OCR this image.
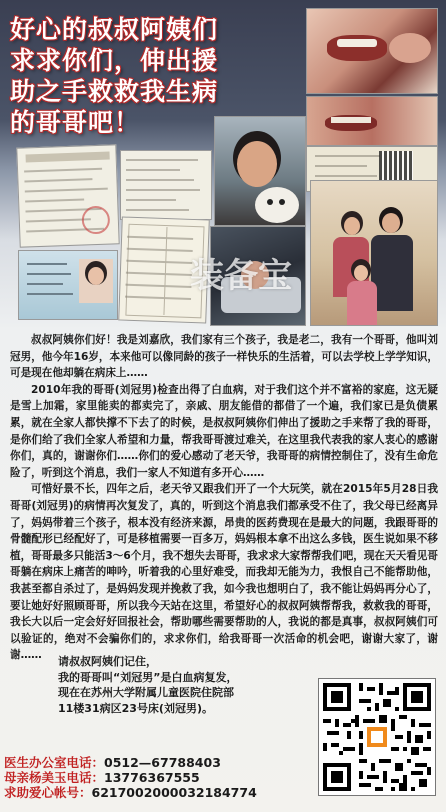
好心的叔叔阿姨们
求求你们，伸出援
助之手救救我生病
的哥哥吧！
装备宝

叔叔阿姨你们好！我是刘嘉欣，我们家有三个孩子，我是老二，我有一个哥哥，他叫刘冠男，他今年16岁，本来他可以像同龄的孩子一样快乐的生活着，可以去学校上学学知识，可是现在他却躺在病床上……

2010年我的哥哥(刘冠男)检查出得了白血病，对于我们这个并不富裕的家庭，这无疑是雪上加霜，家里能卖的都卖完了，亲戚、朋友能借的都借了一个遍，我们家已是负债累累，就在全家人都快撑不下去了的时候，是叔叔阿姨你们伸出了援助之手来帮了我的哥哥，是你们给了我们全家人希望和力量，帮我哥哥渡过难关，在这里我代表我的家人衷心的感谢你们，真的，谢谢你们……你们的爱心感动了老天爷，我哥哥的病情控制住了，没有生命危险了，听到这个消息，我们一家人不知道有多开心……

可惜好景不长，四年之后，老天爷又跟我们开了一个大玩笑，就在2015年5月28日我哥哥(刘冠男)的病情再次复发了，真的，听到这个消息我们都承受不住了，我父母已经离异了，妈妈带着三个孩子，根本没有经济来源，昂贵的医药费现在是最大的问题，我跟哥哥的骨髓配形已经配好了，可是移植需要一百多万，妈妈根本拿不出这么多钱，医生说如果不移植，哥哥最多只能活3～6个月，我不想失去哥哥，我求求大家帮帮我们吧，现在天天看见哥哥躺在病床上痛苦的呻吟，听着我的心里好难受，而我却无能为力，我恨自己不能帮助他，我甚至都自杀过了，是妈妈发现并挽救了我，如今我也想明白了，我不能让妈妈再分心了，要让她好好照顾哥哥，所以我今天站在这里，希望好心的叔叔阿姨帮帮我，救救我的哥哥，我长大以后一定会好好回报社会，帮助哪些需要帮助的人，我说的都是真事，叔叔阿姨们可以验证的，绝对不会骗你们的，求求你们，给我哥哥一次活命的机会吧，谢谢大家了，谢谢……	请叔叔阿姨们记住，
我的哥哥叫“刘冠男”是白血病复发，
现在在苏州大学附属儿童医院住院部
11楼31病区23号床(刘冠男)。
医生办公室电话：0512—67788403
母亲杨美玉电话：13776367555
求助爱心帐号：6217002000032184774
